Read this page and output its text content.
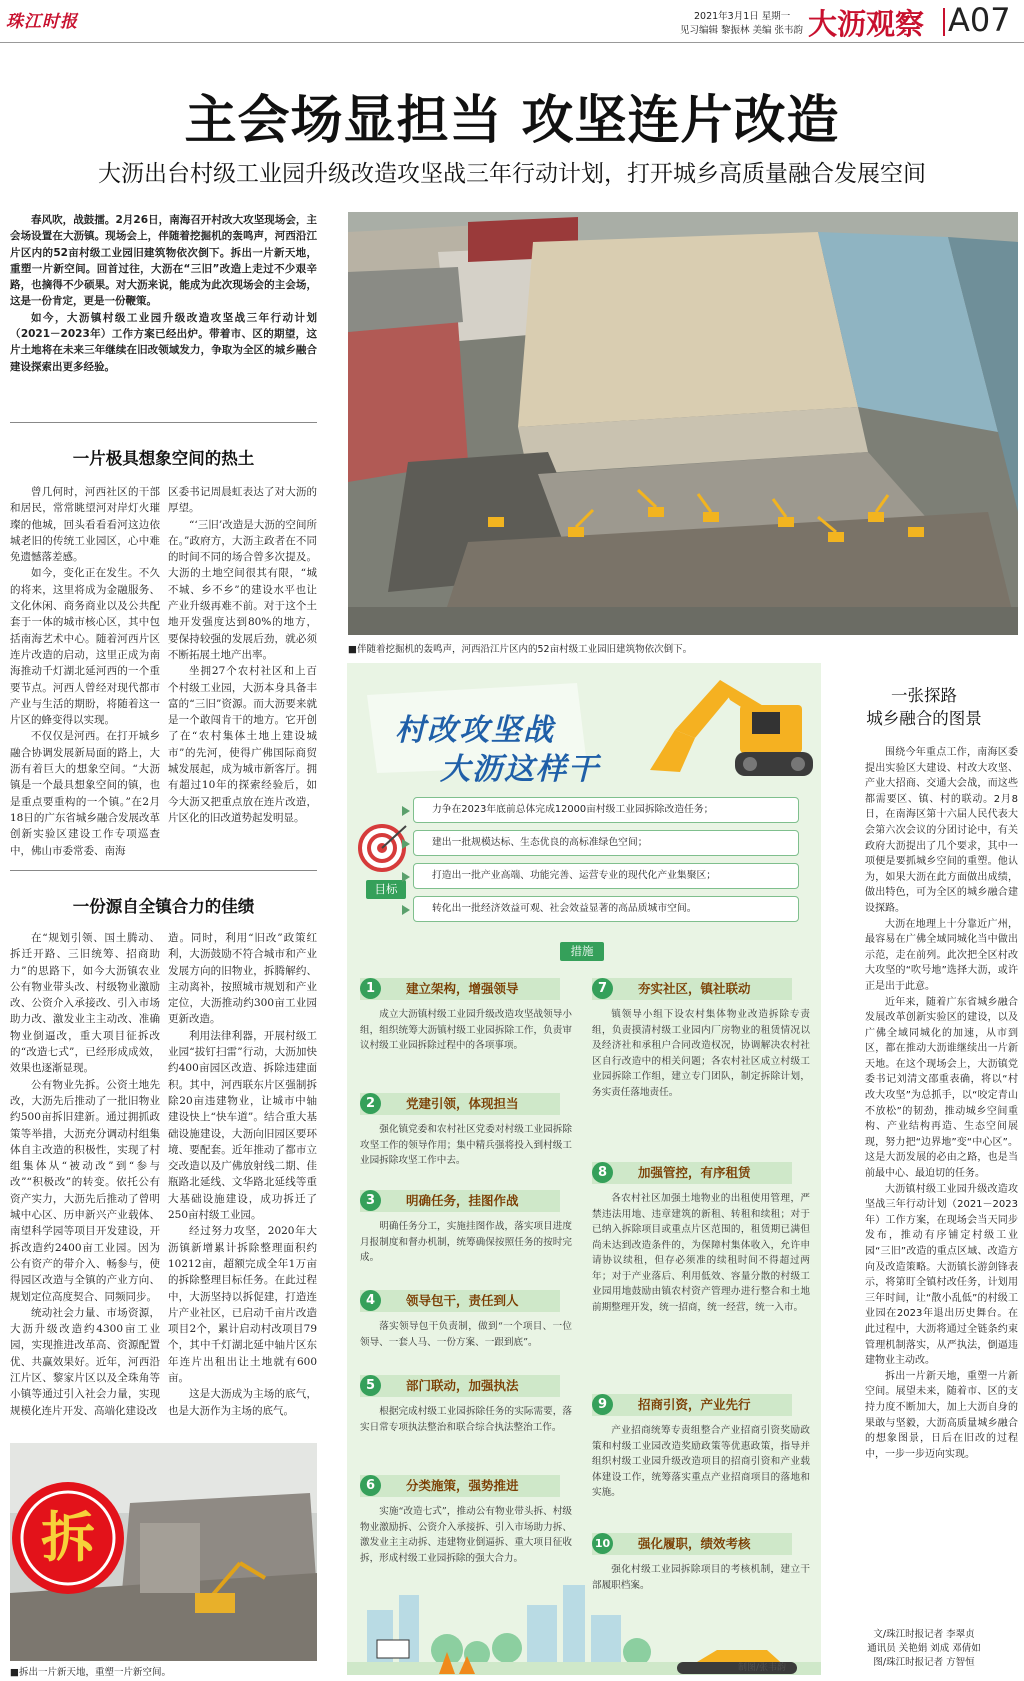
珠江时报	2021年3月1日 星期一
见习编辑 黎振林 美编 张韦韵 大沥观察 A07
主会场显担当 攻坚连片改造
大沥出台村级工业园升级改造攻坚战三年行动计划，打开城乡高质量融合发展空间

春风吹，战鼓擂。2月26日，南海召开村改大攻坚现场会，主会场设置在大沥镇。现场会上，伴随着挖掘机的轰鸣声，河西沿江片区内的52亩村级工业园旧建筑物依次倒下。拆出一片新天地，重塑一片新空间。回首过往，大沥在“三旧”改造上走过不少艰辛路，也摘得不少硕果。对大沥来说，能成为此次现场会的主会场，这是一份肯定，更是一份鞭策。

如今，大沥镇村级工业园升级改造攻坚战三年行动计划（2021－2023年）工作方案已经出炉。带着市、区的期望，这片土地将在未来三年继续在旧改领域发力，争取为全区的城乡融合建设探索出更多经验。

■伴随着挖掘机的轰鸣声，河西沿江片区内的52亩村级工业园旧建筑物依次倒下。
一片极具想象空间的热土

曾几何时，河西社区的干部和居民，常常眺望河对岸灯火璀璨的他城，回头看看看河这边依城老旧的传统工业园区，心中难免遗憾落差感。

如今，变化正在发生。不久的将来，这里将成为金融服务、文化休闲、商务商业以及公共配套于一体的城市核心区，其中包括南海艺术中心。随着河西片区连片改造的启动，这里正成为南海推动千灯湖北延河西的一个重要节点。河西人曾经对现代都市产业与生活的期盼，将随着这一片区的蜂变得以实现。

不仅仅是河西。在打开城乡融合协调发展新局面的路上，大沥有着巨大的想象空间。“大沥镇是一个最具想象空间的镇，也是重点要重构的一个镇。”在2月18日的广东省城乡融合发展改革创新实验区建设工作专项巡查中，佛山市委常委、南海

区委书记周晨虹表达了对大沥的厚望。

“‘三旧’改造是大沥的空间所在。”政府方，大沥主政者在不同的时间不同的场合曾多次提及。大沥的土地空间很其有限，“城不城、乡不乡”的建设水平也让产业升级再难不前。对于这个土地开发强度达到80%的地方，要保持较强的发展后劲，就必须不断拓展土地产出率。

坐拥27个农村社区和上百个村级工业园，大沥本身具备丰富的“三旧”资源。而大沥要来就是一个敢闯肯干的地方。它开创了在“农村集体土地上建设城市”的先河，使得广佛国际商贸城发展起，成为城市新客厅。拥有超过10年的探索经验后，如今大沥又把重点放在连片改造，片区化的旧改道势起发明显。

一份源自全镇合力的佳绩

在“规划引领、国土腾动、拆迁开路、三旧统筹、招商助力”的思路下，如今大沥镇农业公有物业带头改、村级物业激励改、公资介入承接改、引入市场助力改、激发业主主动改、准确物业倒逼改，重大项目征拆改的“改造七式”，已经形成成效，效果也逐渐显现。

公有物业先拆。公资土地先改，大沥先后推动了一批旧物业约500亩拆旧建新。通过拥抓政策等举措，大沥充分调动村组集体自主改造的积极性，实现了村组集体从“被动改”到“参与改”“积极改”的转变。依托公有资产实力，大沥先后推动了曾明城中心区、历申新兴产业载体、南望科学园等项目开发建设，开拆改造约2400亩工业园。因为公有资产的带介入、畅参与，使得园区改造与全镇的产业方向、规划定位高度契合、同频同步。

统动社会力量、市场资源，大沥升级改造约4300亩工业园，实现推进改革高、资源配置优、共赢效果好。近年，河西沿江片区、黎家片区以及全珠角等小镇等通过引入社会力量，实现规模化连片开发、高端化建设改

造。同时，利用“旧改”政策红利，大沥鼓励不符合城市和产业发展方向的旧物业，拆腾解约、主动离补，按照城市规划和产业定位，大沥推动约300亩工业园更新改造。

利用法律利器，开展村级工业园“拔钉扫雷”行动，大沥加快约400亩园区改造、拆除违建面积。其中，河西联东片区强制拆除20亩违建物业，让城市中轴建设快上“快车道”。结合重大基础设施建设，大沥向旧园区要环境、要配套。近年推动了都市立交改造以及广佛放射线二期、佳瓶路北延线、文华路北延线等重大基础设施建设，成功拆迁了250亩村级工业园。

经过努力攻坚，2020年大沥镇新增累计拆除整理面积约10212亩，超额完成全年1万亩的拆除整理目标任务。在此过程中，大沥坚持以拆促建，打造连片产业社区，已启动千亩片改造项目2个，累计启动村改项目79个，其中千灯湖北延中轴片区东年连片出租出让土地就有600亩。

这是大沥成为主场的底气，也是大沥作为主场的底气。

拆
■拆出一片新天地，重塑一片新空间。
村改攻坚战
大沥这样干
目标
力争在2023年底前总体完成12000亩村级工业园拆除改造任务；
建出一批规模达标、生态优良的高标准绿色空间；
打造出一批产业高端、功能完善、运营专业的现代化产业集聚区；
转化出一批经济效益可观、社会效益显著的高品质城市空间。
措施
建立架构，增强领导
1

成立大沥镇村级工业园升级改造攻坚战领导小组，组织统筹大沥镇村级工业园拆除工作，负责审议村级工业园拆除过程中的各项事项。

党建引领，体现担当
2

强化镇党委和农村社区党委对村级工业园拆除攻坚工作的领导作用；集中精兵强将投入到村级工业园拆除攻坚工作中去。

明确任务，挂图作战
3

明确任务分工，实施挂图作战，落实项目进度月报制度和督办机制，统筹确保按照任务的按时完成。

领导包干，责任到人
4

落实领导包干负责制，做到“一个项目、一位领导、一套人马、一份方案、一跟到底”。

部门联动，加强执法
5

根据完成村级工业园拆除任务的实际需要，落实日常专项执法整治和联合综合执法整治工作。

分类施策，强势推进
6

实施“改造七式”，推动公有物业带头拆、村级物业激励拆、公资介入承接拆、引入市场助力拆、激发业主主动拆、违建物业倒逼拆、重大项目征收拆，形成村级工业园拆除的强大合力。

夯实社区，镇社联动
7

镇领导小组下设农村集体物业改造拆除专责组，负责摸清村级工业园内厂房物业的租赁情况以及经济社和承租户合同改造权况，协调解决农村社区自行改造中的相关问题；各农村社区成立村级工业园拆除工作组，建立专门团队，制定拆除计划，务实责任落地责任。

加强管控，有序租赁
8

各农村社区加强土地物业的出租使用管理，严禁违法用地、违章建筑的新租、转租和续租；对于已纳入拆除项目或重点片区范围的，租赁期已满但尚未达到改造条件的，为保障村集体收入，允许申请协议续租，但存必须准的续租时间不得超过两年；对于产业落后、利用低效、容量分散的村级工业园用地鼓励由镇农村资产管理办进行整合和土地前期整理开发，统一招商，统一经营，统一入市。

招商引资，产业先行
9

产业招商统筹专责组整合产业招商引资奖励政策和村级工业园改造奖励政策等优惠政策，指导并组织村级工业园升级改造项目的招商引资和产业载体建设工作，统筹落实重点产业招商项目的落地和实施。

强化履职，绩效考核
10

强化村级工业园拆除项目的考核机制，建立干部履职档案。

制图/张韦韵
一张探路
城乡融合的图景

围绕今年重点工作，南海区委提出实验区大建设、村改大攻坚、产业大招商、交通大会战，而这些都需要区、镇、村的联动。2月8日，在南海区第十六届人民代表大会第六次会议的分团讨论中，有关政府大沥提出了几个要求，其中一项便是要抓城乡空间的重塑。他认为，如果大沥在此方面做出成绩，做出特色，可为全区的城乡融合建设探路。

大沥在地理上十分靠近广州，最容易在广佛全域同城化当中做出示范，走在前列。此次把全区村改大攻坚的“吹号地”选择大沥，或许正是出于此意。

近年来，随着广东省城乡融合发展改革创新实验区的建设，以及广佛全域同城化的加速，从市到区，都在推动大沥谁继续出一片新天地。在这个现场会上，大沥镇党委书记刘清文邵重表确，将以“村改大攻坚”为总抓手，以“咬定青山不放松”的韧劲，推动城乡空间重构、产业结构再造、生态空间展现，努力把“边界地”变“中心区”。这是大沥发展的必由之路，也是当前最中心、最迫切的任务。

大沥镇村级工业园升级改造攻坚战三年行动计划（2021－2023年）工作方案，在现场会当天同步发布，推动有序铺定村级工业园“三旧”改造的重点区域、改造方向及改造策略。大沥镇长游剑锋表示，将第盯全镇村改任务，计划用三年时间，让“散小乱低”的村级工业园在2023年退出历史舞台。在此过程中，大沥将通过全链条约束管理机制落实，从严执法，倒逼违建物业主动改。

拆出一片新天地，重塑一片新空间。展望未来，随着市、区的支持力度不断加大，加上大沥自身的果敢与坚毅，大沥高质量城乡融合的想象图景，日后在旧改的过程中，一步一步迈向实现。

文/珠江时报记者 李翠贞
通讯员 关艳娟 刘成 邓倩如
图/珠江时报记者 方智恒
